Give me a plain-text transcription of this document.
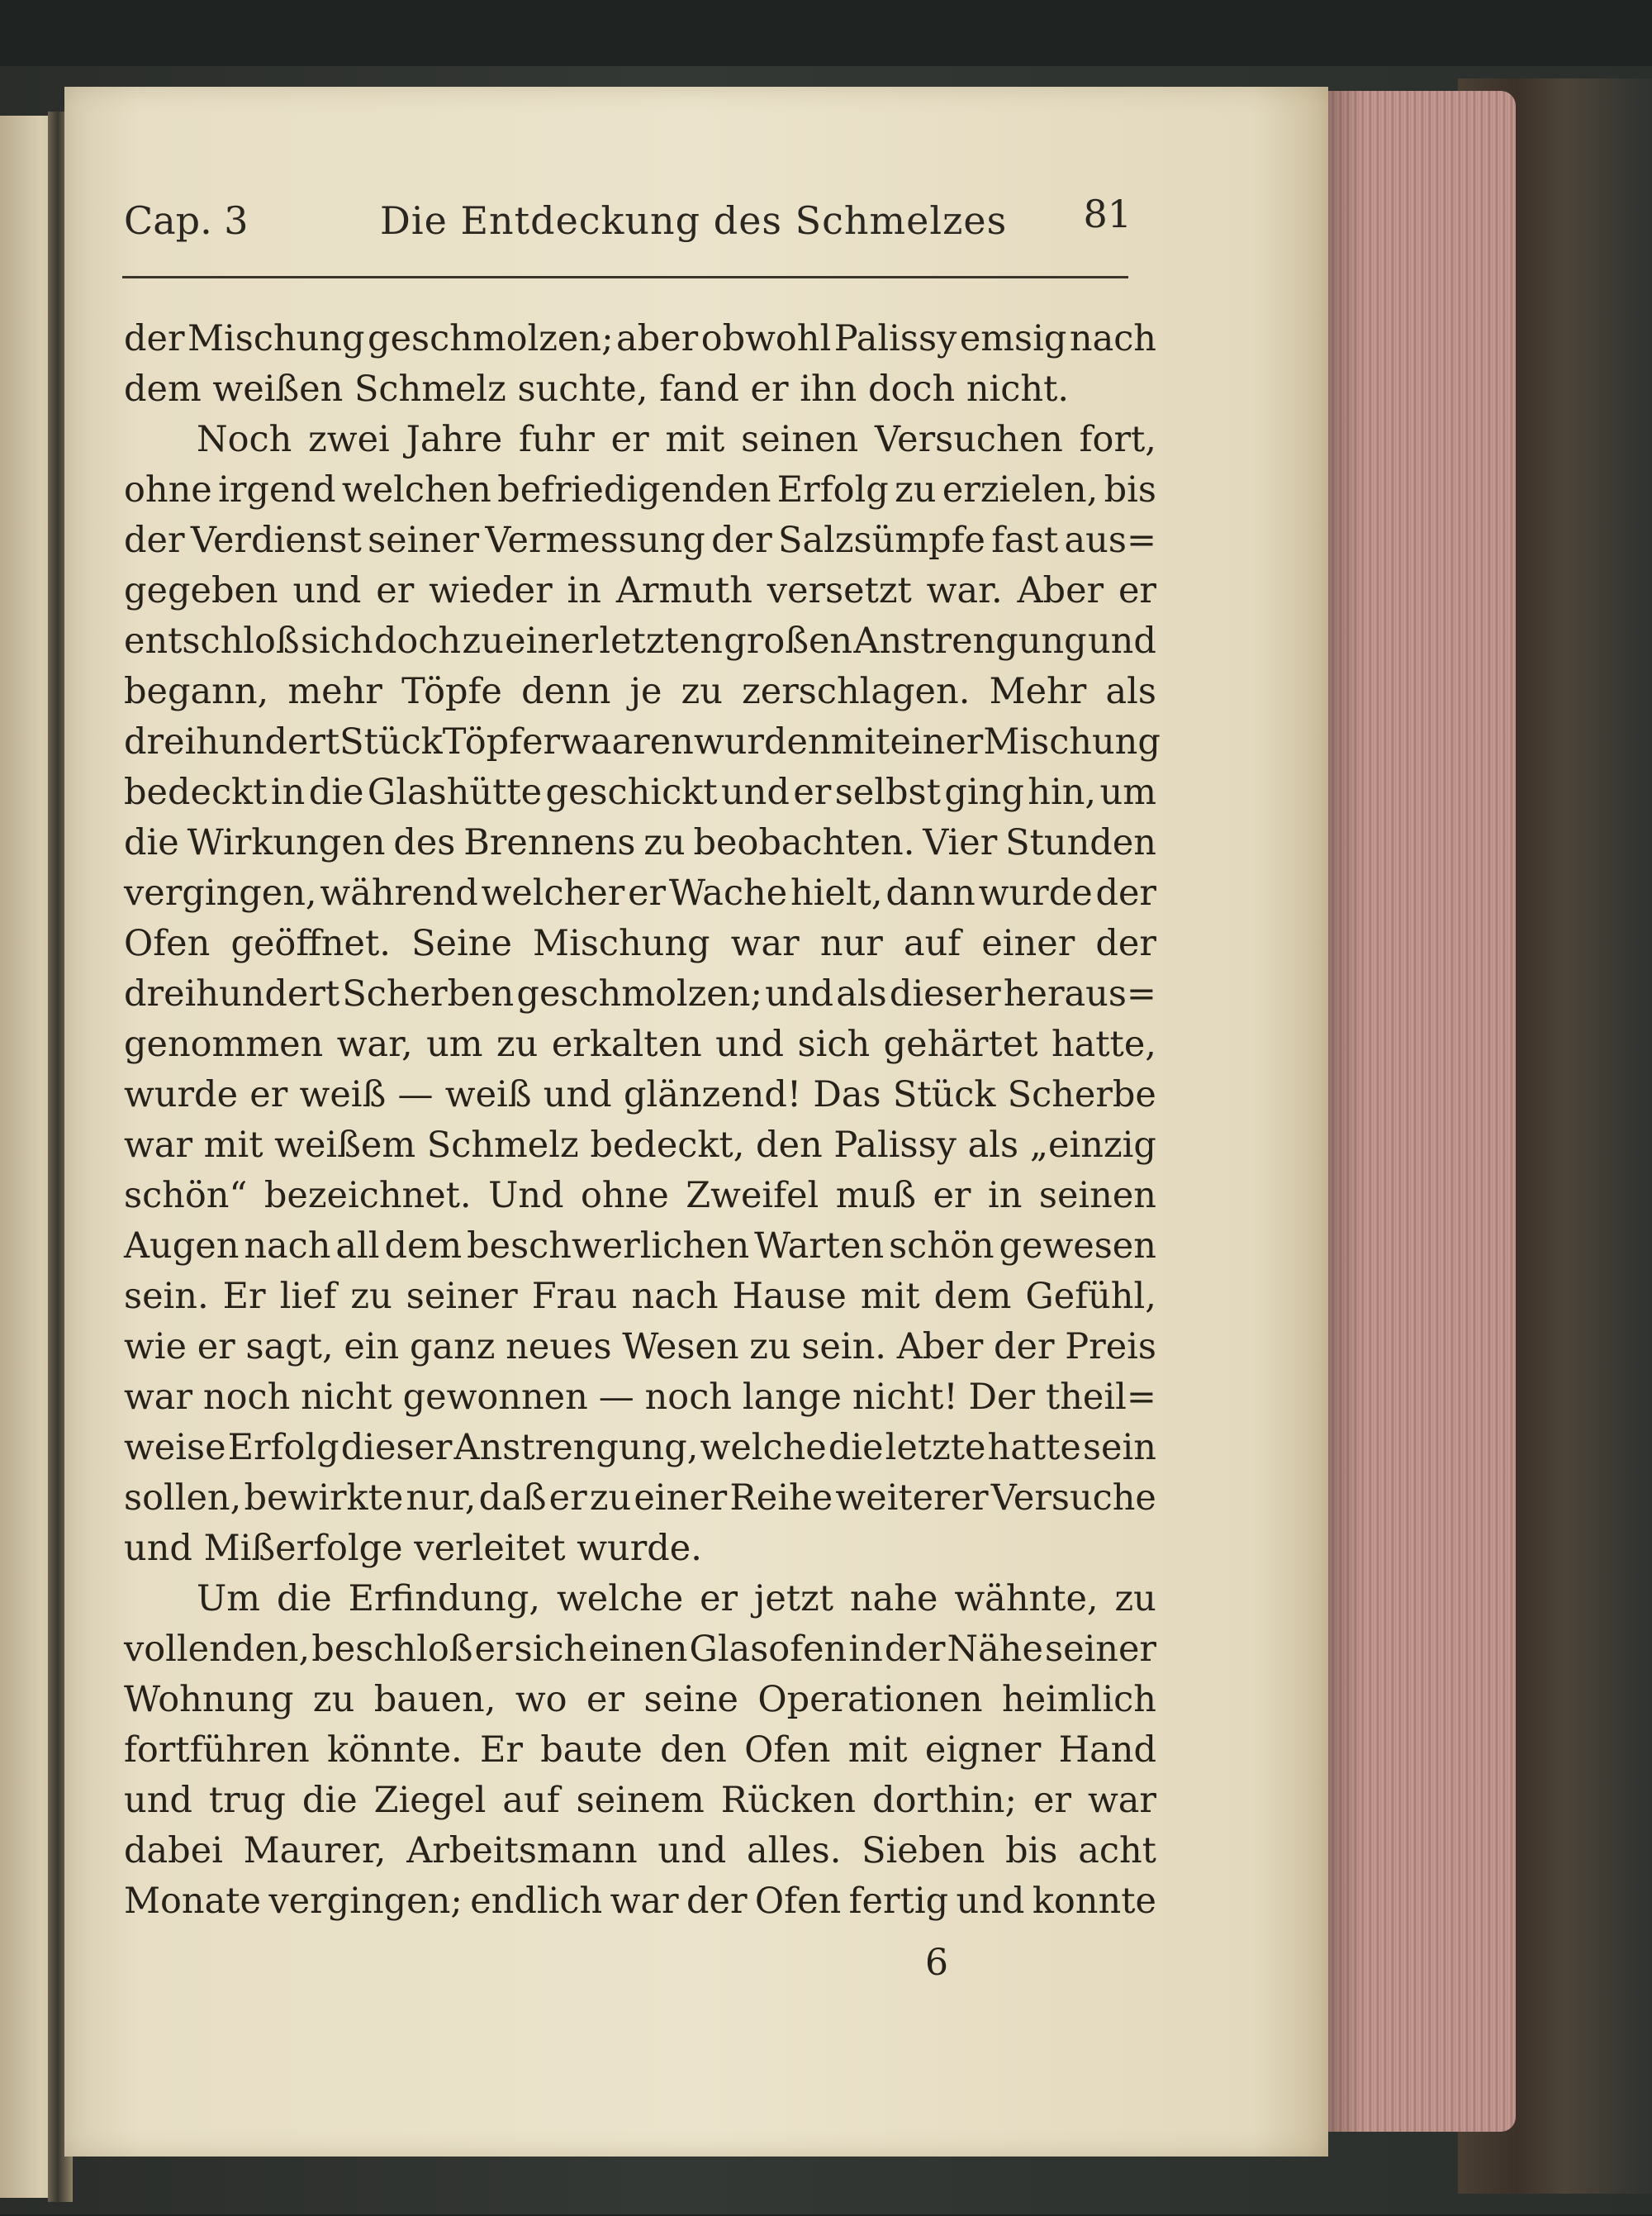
Cap. 3	Die Entdeckung des Schmelzes 81
der Mischung geschmolzen; aber obwohl Palissy emsig nach
dem weißen Schmelz suchte, fand er ihn doch nicht.
Noch zwei Jahre fuhr er mit seinen Versuchen fort,
ohne irgend welchen befriedigenden Erfolg zu erzielen, bis
der Verdienst seiner Vermessung der Salzsümpfe fast aus=
gegeben und er wieder in Armuth versetzt war. Aber er
entschloß sich doch zu einer letzten großen Anstrengung und
begann, mehr Töpfe denn je zu zerschlagen. Mehr als
dreihundert Stück Töpferwaaren wurden mit einer Mischung
bedeckt in die Glashütte geschickt und er selbst ging hin, um
die Wirkungen des Brennens zu beobachten. Vier Stunden
vergingen, während welcher er Wache hielt, dann wurde der
Ofen geöffnet. Seine Mischung war nur auf einer der
dreihundert Scherben geschmolzen; und als dieser heraus=
genommen war, um zu erkalten und sich gehärtet hatte,
wurde er weiß — weiß und glänzend! Das Stück Scherbe
war mit weißem Schmelz bedeckt, den Palissy als „einzig
schön“ bezeichnet. Und ohne Zweifel muß er in seinen
Augen nach all dem beschwerlichen Warten schön gewesen
sein. Er lief zu seiner Frau nach Hause mit dem Gefühl,
wie er sagt, ein ganz neues Wesen zu sein. Aber der Preis
war noch nicht gewonnen — noch lange nicht! Der theil=
weise Erfolg dieser Anstrengung, welche die letzte hatte sein
sollen, bewirkte nur, daß er zu einer Reihe weiterer Versuche
und Mißerfolge verleitet wurde.
Um die Erfindung, welche er jetzt nahe wähnte, zu
vollenden, beschloß er sich einen Glasofen in der Nähe seiner
Wohnung zu bauen, wo er seine Operationen heimlich
fortführen könnte. Er baute den Ofen mit eigner Hand
und trug die Ziegel auf seinem Rücken dorthin; er war
dabei Maurer, Arbeitsmann und alles. Sieben bis acht
Monate vergingen; endlich war der Ofen fertig und konnte
6
